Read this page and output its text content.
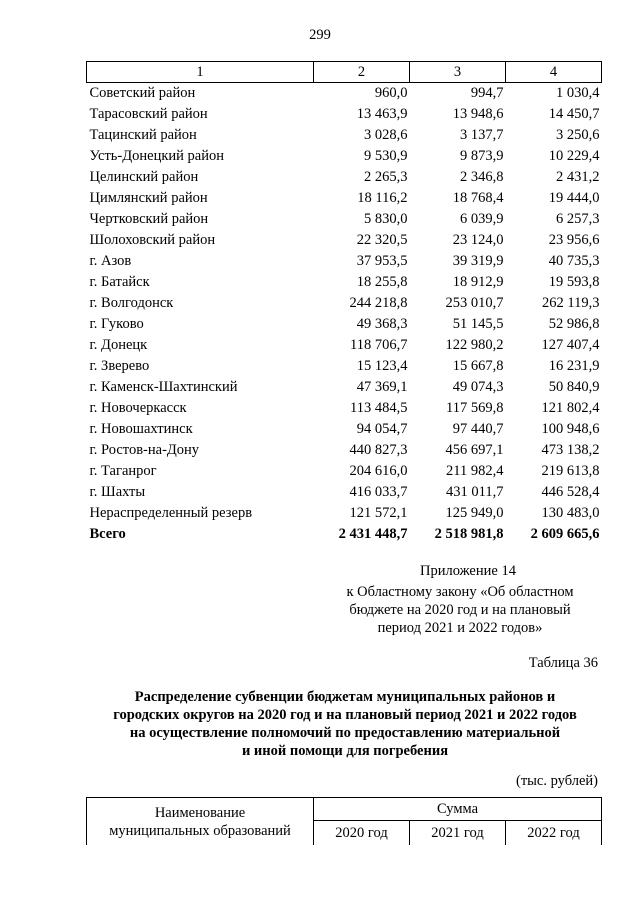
299
1	2	3	4
Советский район	960,0	994,7	1 030,4
Тарасовский район	13 463,9	13 948,6	14 450,7
Тацинский район	3 028,6	3 137,7	3 250,6
Усть-Донецкий район	9 530,9	9 873,9	10 229,4
Целинский район	2 265,3	2 346,8	2 431,2
Цимлянский район	18 116,2	18 768,4	19 444,0
Чертковский район	5 830,0	6 039,9	6 257,3
Шолоховский район	22 320,5	23 124,0	23 956,6
г. Азов	37 953,5	39 319,9	40 735,3
г. Батайск	18 255,8	18 912,9	19 593,8
г. Волгодонск	244 218,8	253 010,7	262 119,3
г. Гуково	49 368,3	51 145,5	52 986,8
г. Донецк	118 706,7	122 980,2	127 407,4
г. Зверево	15 123,4	15 667,8	16 231,9
г. Каменск-Шахтинский	47 369,1	49 074,3	50 840,9
г. Новочеркасск	113 484,5	117 569,8	121 802,4
г. Новошахтинск	94 054,7	97 440,7	100 948,6
г. Ростов-на-Дону	440 827,3	456 697,1	473 138,2
г. Таганрог	204 616,0	211 982,4	219 613,8
г. Шахты	416 033,7	431 011,7	446 528,4
Нераспределенный резерв	121 572,1	125 949,0	130 483,0
Всего	2 431 448,7	2 518 981,8	2 609 665,6
Приложение 14
к Областному закону «Об областном
бюджете на 2020 год и на плановый
период 2021 и 2022 годов»
Таблица 36
Распределение субвенции бюджетам муниципальных районов и
городских округов на 2020 год и на плановый период 2021 и 2022 годов
на осуществление полномочий по предоставлению материальной
и иной помощи для погребения
(тыс. рублей)
Наименование
муниципальных образований	Сумма		
	2020 год	2021 год	2022 год
